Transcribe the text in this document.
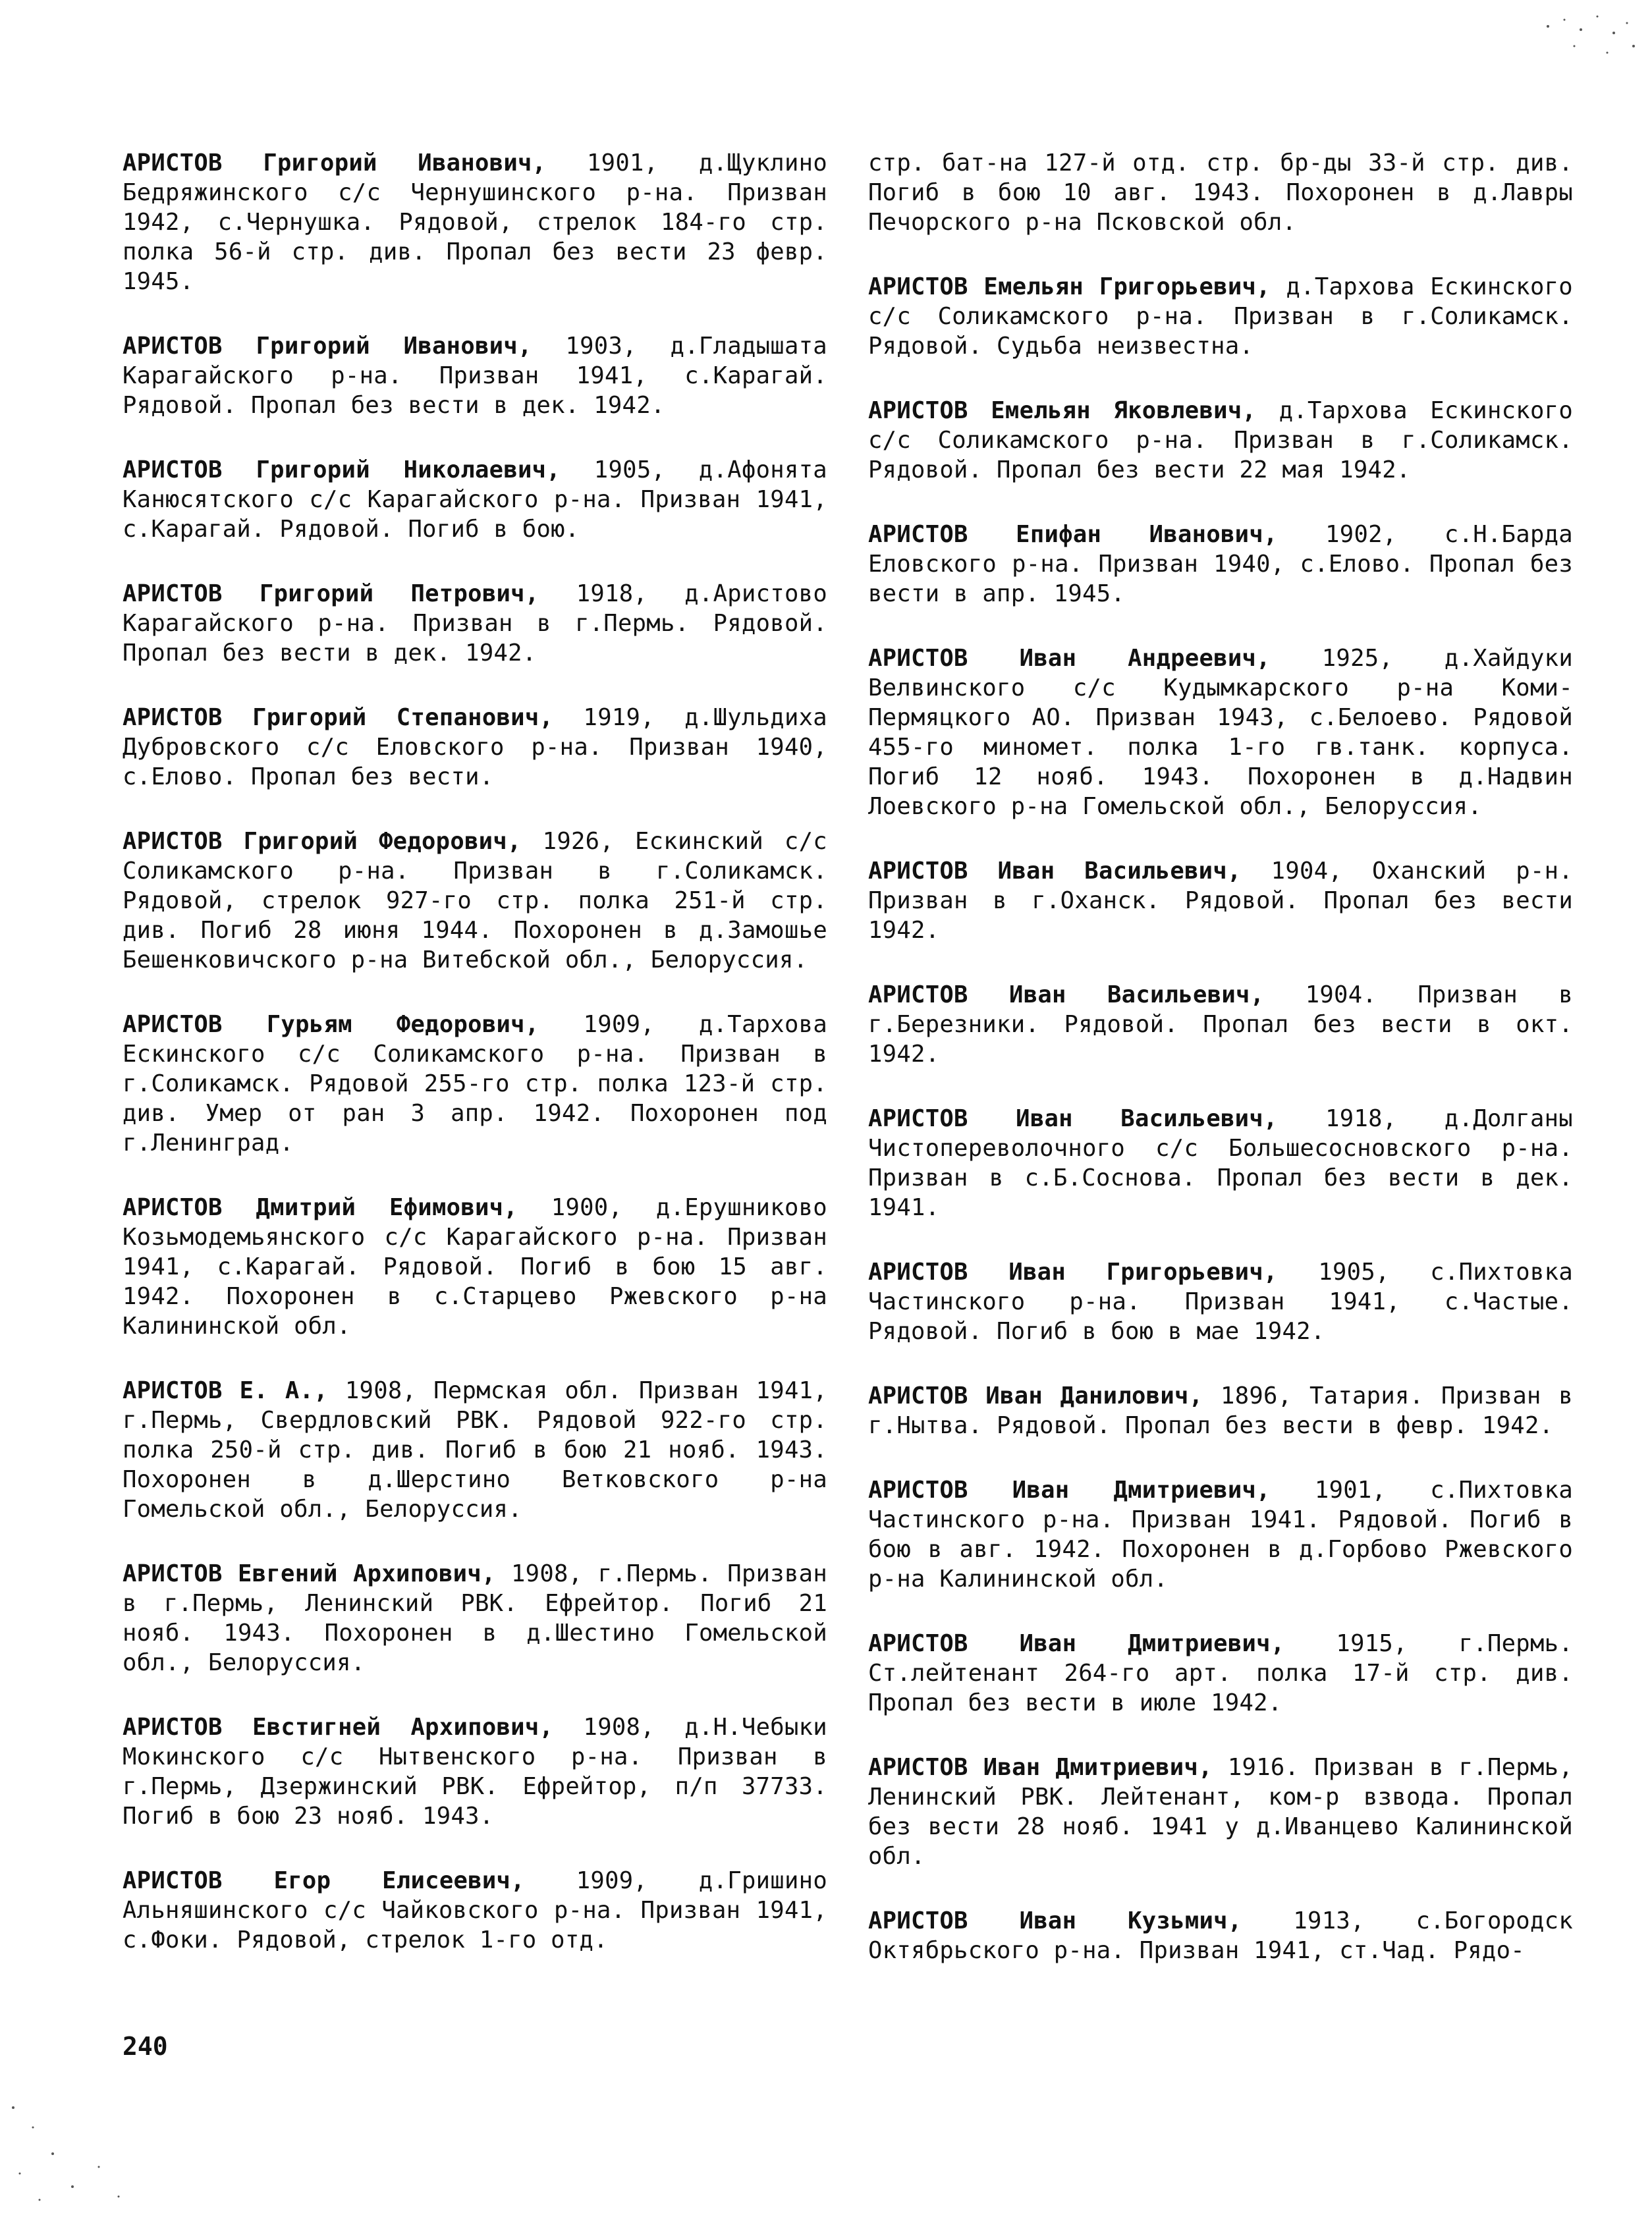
АРИСТОВ Григорий Иванович, 1901, д.Щуклино Бедряжинского с/с Чернушинского р-на. Призван 1942, с.Чернушка. Рядовой, стрелок 184-го стр. полка 56-й стр. див. Пропал без вести 23 февр. 1945.

АРИСТОВ Григорий Иванович, 1903, д.Гладышата Карагайского р-на. Призван 1941, с.Карагай. Рядовой. Пропал без вести в дек. 1942.

АРИСТОВ Григорий Николаевич, 1905, д.Афонята Канюсятского с/с Карагайского р-на. Призван 1941, с.Карагай. Рядовой. Погиб в бою.

АРИСТОВ Григорий Петрович, 1918, д.Аристово Карагайского р-на. Призван в г.Пермь. Рядовой. Пропал без вести в дек. 1942.

АРИСТОВ Григорий Степанович, 1919, д.Шульдиха Дубровского с/с Еловского р-на. Призван 1940, с.Елово. Пропал без вести.

АРИСТОВ Григорий Федорович, 1926, Ескинский с/с Соликамского р-на. Призван в г.Соликамск. Рядовой, стрелок 927-го стр. полка 251-й стр. див. Погиб 28 июня 1944. Похоронен в д.Замошье Бешенковичского р-на Витебской обл., Белоруссия.

АРИСТОВ Гурьям Федорович, 1909, д.Тархова Ескинского с/с Соликамского р-на. Призван в г.Соликамск. Рядовой 255-го стр. полка 123-й стр. див. Умер от ран 3 апр. 1942. Похоронен под г.Ленинград.

АРИСТОВ Дмитрий Ефимович, 1900, д.Ерушниково Козьмодемьянского с/с Карагайского р-на. Призван 1941, с.Карагай. Рядовой. Погиб в бою 15 авг. 1942. Похоронен в с.Старцево Ржевского р-на Калининской обл.

АРИСТОВ Е. А., 1908, Пермская обл. Призван 1941, г.Пермь, Свердловский РВК. Рядовой 922-го стр. полка 250-й стр. див. Погиб в бою 21 нояб. 1943. Похоронен в д.Шерстино Ветковского р-на Гомельской обл., Белоруссия.

АРИСТОВ Евгений Архипович, 1908, г.Пермь. Призван в г.Пермь, Ленинский РВК. Ефрейтор. Погиб 21 нояб. 1943. Похоронен в д.Шестино Гомельской обл., Белоруссия.

АРИСТОВ Евстигней Архипович, 1908, д.Н.Чебыки Мокинского с/с Нытвенского р-на. Призван в г.Пермь, Дзержинский РВК. Ефрейтор, п/п 37733. Погиб в бою 23 нояб. 1943.

АРИСТОВ Егор Елисеевич, 1909, д.Гришино Альняшинского с/с Чайковского р-на. Призван 1941, с.Фоки. Рядовой, стрелок 1-го отд.

стр. бат-на 127-й отд. стр. бр-ды 33-й стр. див. Погиб в бою 10 авг. 1943. Похоронен в д.Лавры Печорского р-на Псковской обл.

АРИСТОВ Емельян Григорьевич, д.Тархова Ескинского с/с Соликамского р-на. Призван в г.Соликамск. Рядовой. Судьба неизвестна.

АРИСТОВ Емельян Яковлевич, д.Тархова Ескинского с/с Соликамского р-на. Призван в г.Соликамск. Рядовой. Пропал без вести 22 мая 1942.

АРИСТОВ Епифан Иванович, 1902, с.Н.Барда Еловского р-на. Призван 1940, с.Елово. Пропал без вести в апр. 1945.

АРИСТОВ Иван Андреевич, 1925, д.Хайдуки Велвинского с/с Кудымкарского р-на Коми-Пермяцкого АО. Призван 1943, с.Белоево. Рядовой 455-го миномет. полка 1-го гв.танк. корпуса. Погиб 12 нояб. 1943. Похоронен в д.Надвин Лоевского р-на Гомельской обл., Белоруссия.

АРИСТОВ Иван Васильевич, 1904, Оханский р-н. Призван в г.Оханск. Рядовой. Пропал без вести 1942.

АРИСТОВ Иван Васильевич, 1904. Призван в г.Березники. Рядовой. Пропал без вести в окт. 1942.

АРИСТОВ Иван Васильевич, 1918, д.Долганы Чистопереволочного с/с Большесосновского р-на. Призван в с.Б.Соснова. Пропал без вести в дек. 1941.

АРИСТОВ Иван Григорьевич, 1905, с.Пихтовка Частинского р-на. Призван 1941, с.Частые. Рядовой. Погиб в бою в мае 1942.

АРИСТОВ Иван Данилович, 1896, Татария. Призван в г.Нытва. Рядовой. Пропал без вести в февр. 1942.

АРИСТОВ Иван Дмитриевич, 1901, с.Пихтовка Частинского р-на. Призван 1941. Рядовой. Погиб в бою в авг. 1942. Похоронен в д.Горбово Ржевского р-на Калининской обл.

АРИСТОВ Иван Дмитриевич, 1915, г.Пермь. Ст.лейтенант 264-го арт. полка 17-й стр. див. Пропал без вести в июле 1942.

АРИСТОВ Иван Дмитриевич, 1916. Призван в г.Пермь, Ленинский РВК. Лейтенант, ком-р взвода. Пропал без вести 28 нояб. 1941 у д.Иванцево Калининской обл.

АРИСТОВ Иван Кузьмич, 1913, с.Богородск Октябрьского р-на. Призван 1941, ст.Чад. Рядо-

240
